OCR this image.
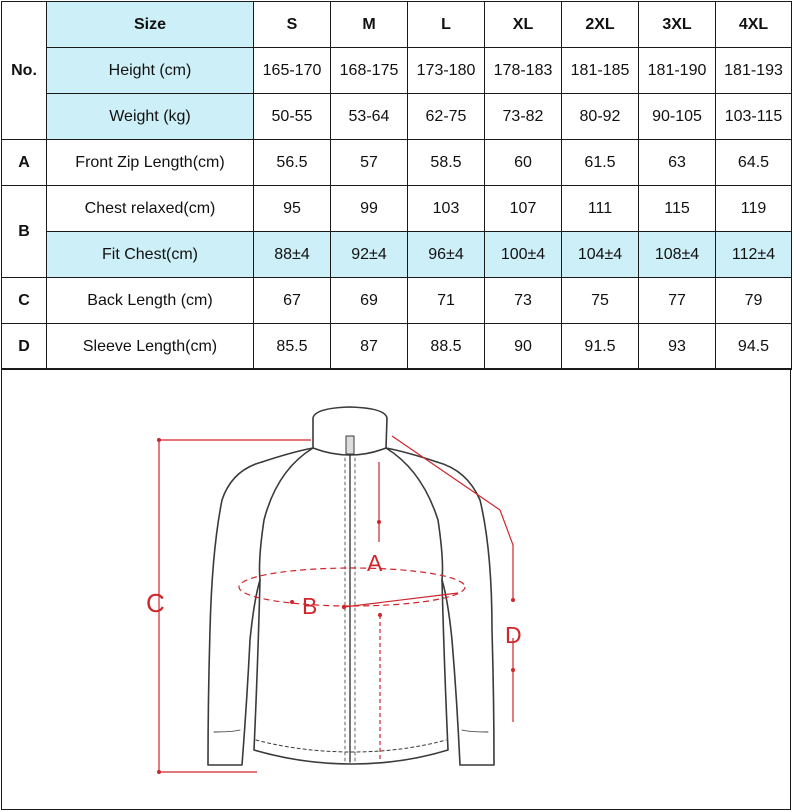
No.	Size	S	M	L	XL	2XL	3XL	4XL
	Height (cm)	165-170	168-175	173-180	178-183	181-185	181-190	181-193
	Weight (kg)	50-55	53-64	62-75	73-82	80-92	90-105	103-115
A	Front Zip Length(cm)	56.5	57	58.5	60	61.5	63	64.5
B	Chest relaxed(cm)	95	99	103	107	111	115	119
	Fit Chest(cm)	88±4	92±4	96±4	100±4	104±4	108±4	112±4
C	Back Length (cm)	67	69	71	73	75	77	79
D	Sleeve Length(cm)	85.5	87	88.5	90	91.5	93	94.5
A
B
C
D
